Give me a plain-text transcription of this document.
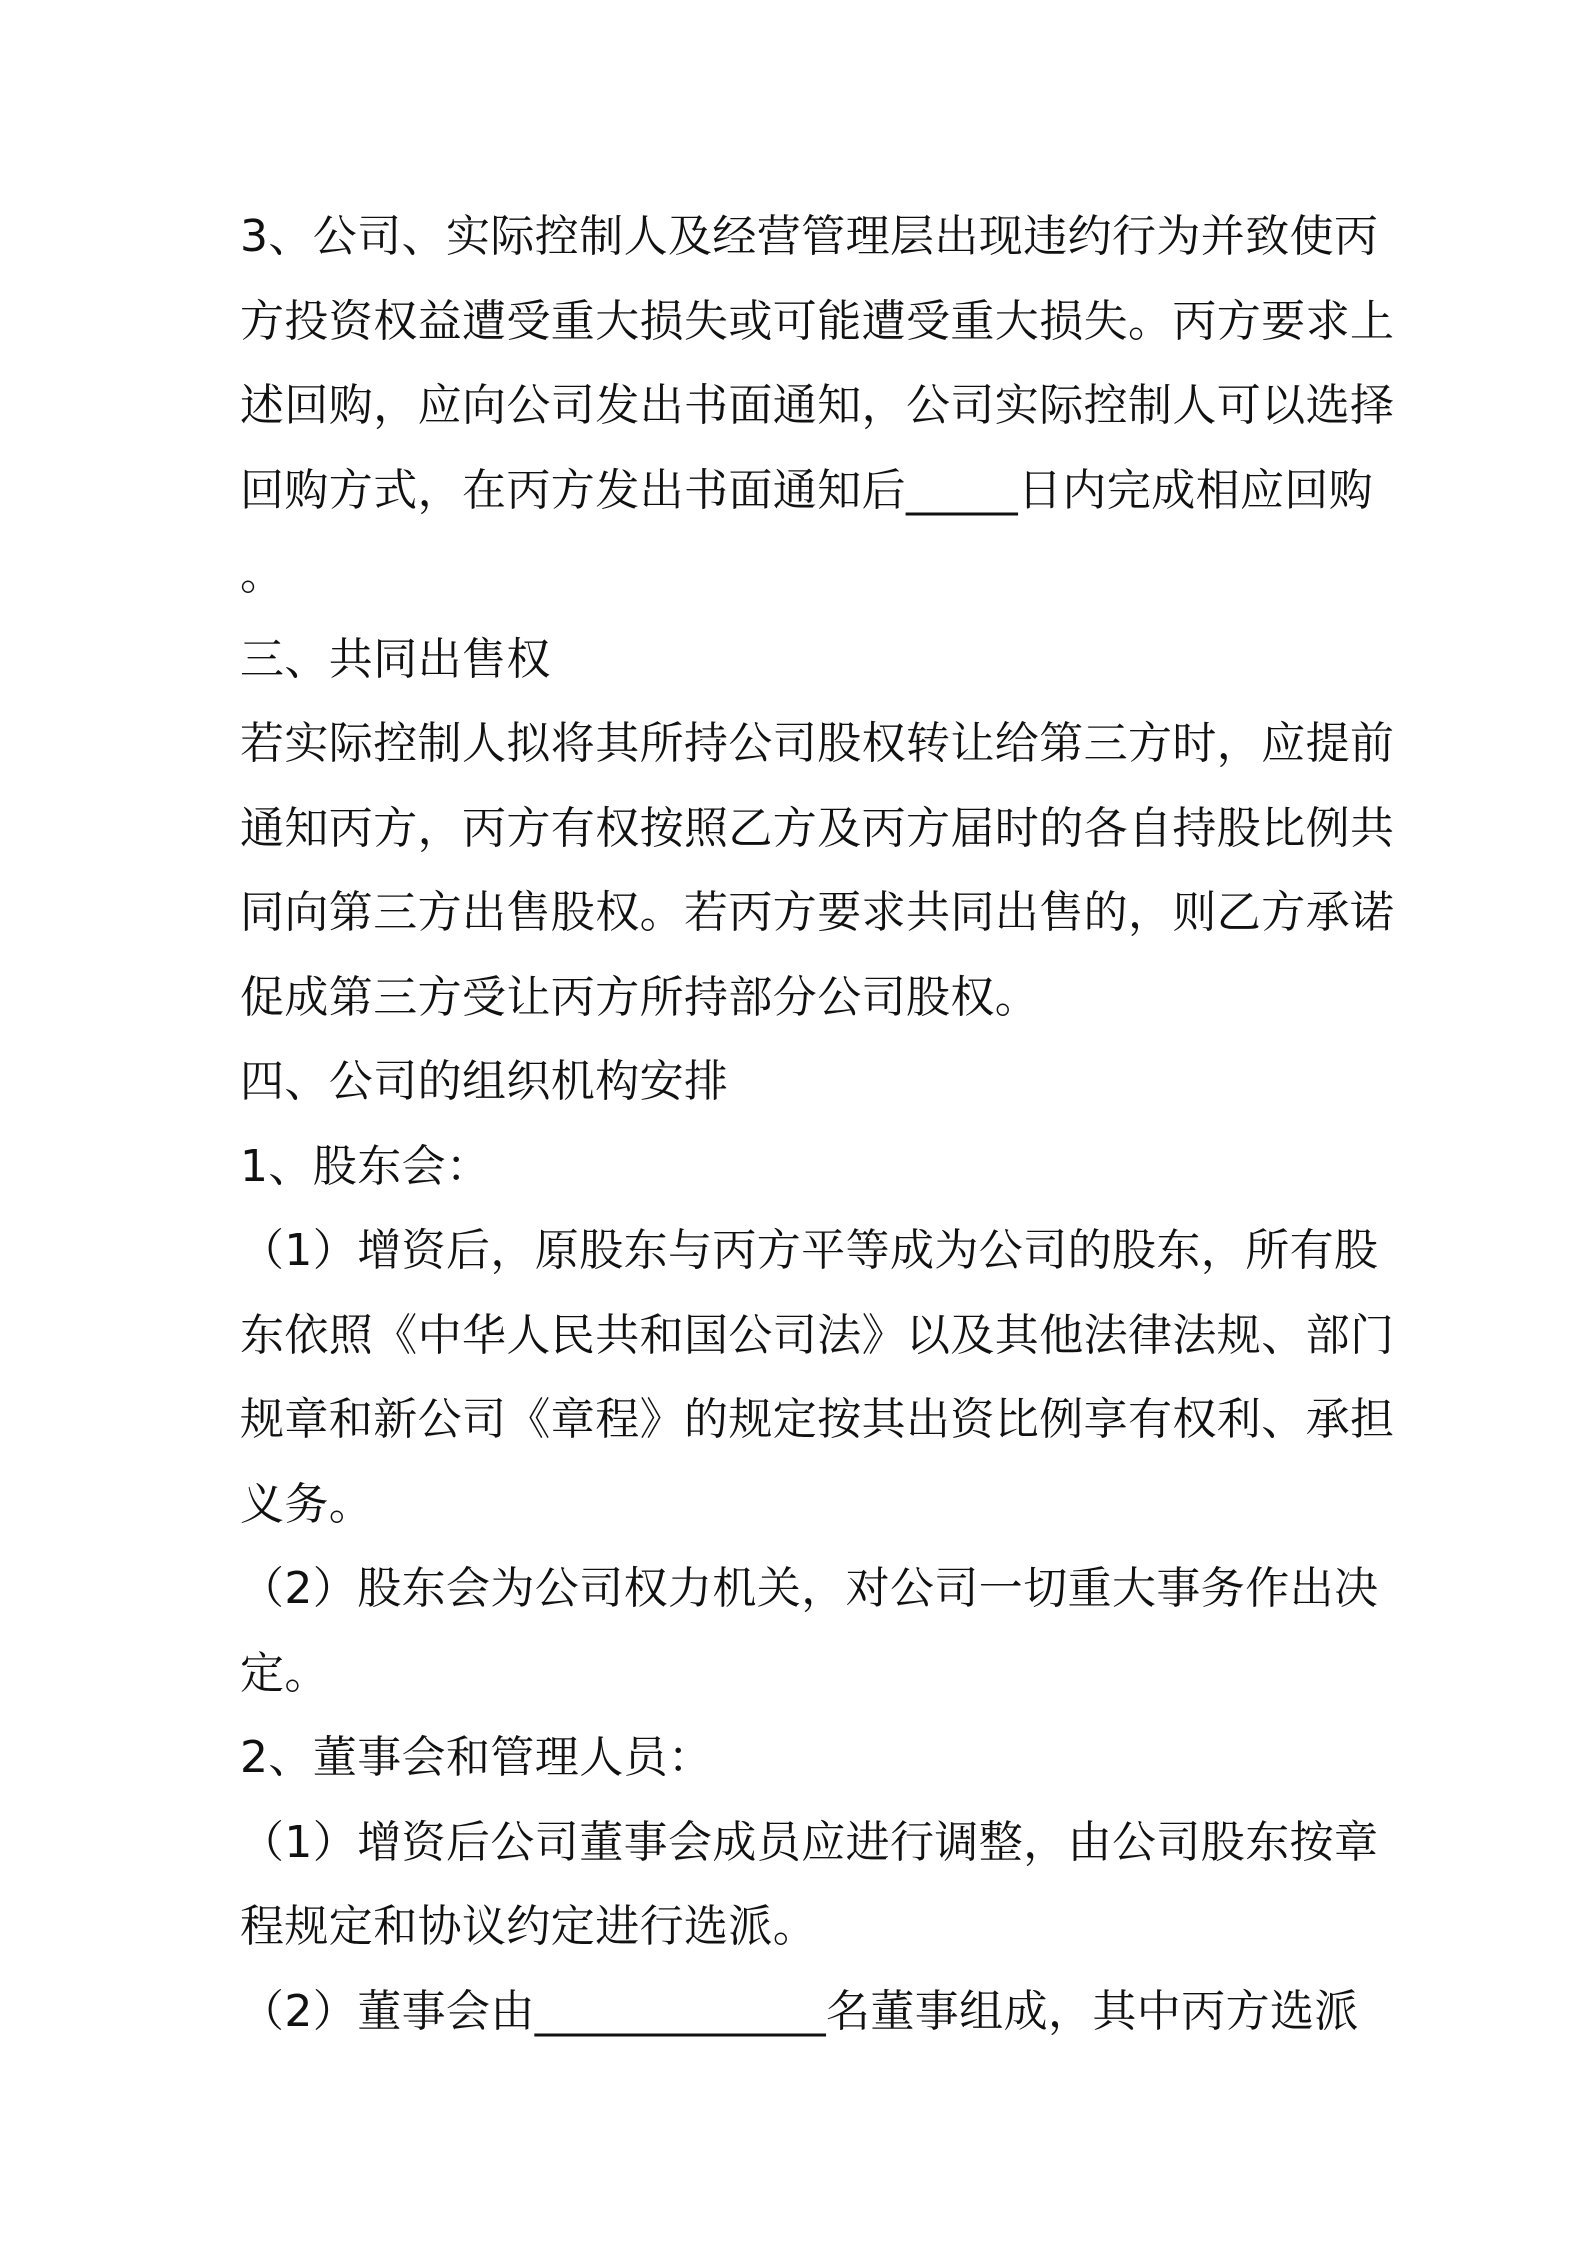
3、公司、实际控制人及经营管理层出现违约行为并致使丙
方投资权益遭受重大损失或可能遭受重大损失。丙方要求上
述回购，应向公司发出书面通知，公司实际控制人可以选择
回购方式，在丙方发出书面通知后_____日内完成相应回购
。
三、共同出售权
若实际控制人拟将其所持公司股权转让给第三方时，应提前
通知丙方，丙方有权按照乙方及丙方届时的各自持股比例共
同向第三方出售股权。若丙方要求共同出售的，则乙方承诺
促成第三方受让丙方所持部分公司股权。
四、公司的组织机构安排
1、股东会：
（1）增资后，原股东与丙方平等成为公司的股东，所有股
东依照《中华人民共和国公司法》以及其他法律法规、部门
规章和新公司《章程》的规定按其出资比例享有权利、承担
义务。
（2）股东会为公司权力机关，对公司一切重大事务作出决
定。
2、董事会和管理人员：
（1）增资后公司董事会成员应进行调整，由公司股东按章
程规定和协议约定进行选派。
（2）董事会由_____________名董事组成，其中丙方选派
